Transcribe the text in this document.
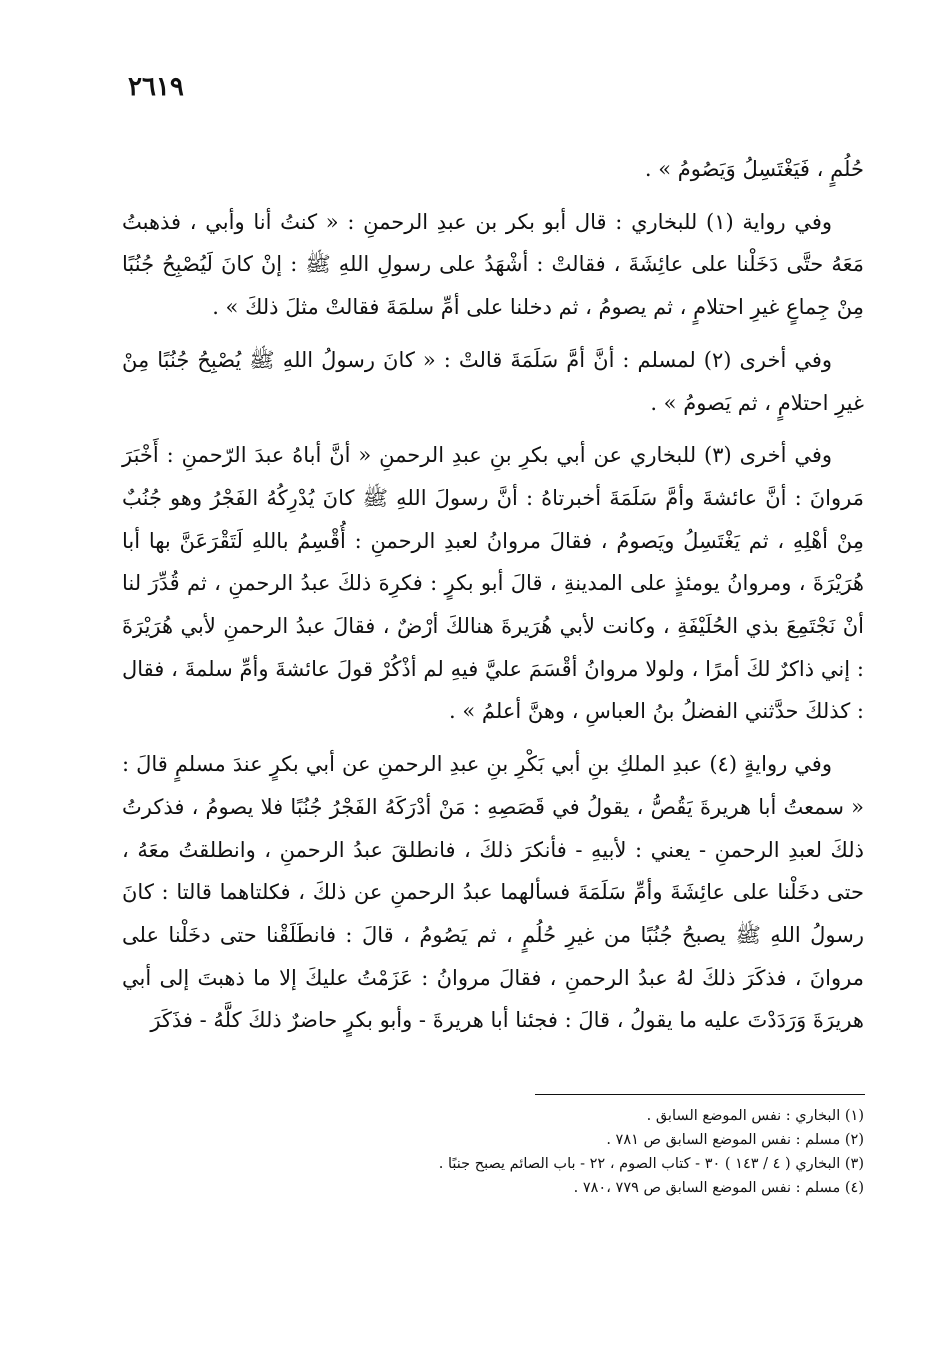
٢٦١٩

حُلُمٍ ، فَيَغْتَسِلُ وَيَصُومُ » .

وفي رواية (١) للبخاري : قال أبو بكر بن عبدِ الرحمنِ : « كنتُ أنا وأبي ، فذهبتُ مَعَهُ حتَّى دَخَلْنا على عائِشَةَ ، فقالتْ : أشْهَدُ على رسولِ اللهِ ﷺ : إنْ كانَ لَيُصْبِحُ جُنُبًا مِنْ جِماعٍ غيرِ احتلامٍ ، ثم يصومُ ، ثم دخلنا على أمِّ سلمَةَ فقالتْ مثلَ ذلكَ » .

وفي أخرى (٢) لمسلم : أنَّ أمَّ سَلَمَةَ قالتْ : « كانَ رسولُ اللهِ ﷺ يُصْبِحُ جُنُبًا مِنْ غيرِ احتلامٍ ، ثم يَصومُ » .

وفي أخرى (٣) للبخاري عن أبي بكرِ بنِ عبدِ الرحمنِ « أنَّ أباهُ عبدَ الرّحمنِ : أَخْبَرَ مَروانَ : أنَّ عائشةَ وأمَّ سَلَمَةَ أخبرتاهُ : أنَّ رسولَ اللهِ ﷺ كانَ يُدْرِكُهُ الفَجْرُ وهو جُنُبٌ مِنْ أهْلِهِ ، ثم يَغْتَسِلُ ويَصومُ ، فقالَ مروانُ لعبدِ الرحمنِ : أُقْسِمُ باللهِ لَتَقْرَعَنَّ بها أبا هُرَيْرَةَ ، ومروانُ يومئذٍ على المدينةِ ، قالَ أبو بكرٍ : فكرِهَ ذلكَ عبدُ الرحمنِ ، ثم قُدِّرَ لنا أنْ نَجْتَمِعَ بذي الحُلَيْفَةِ ، وكانت لأبي هُرَيرةَ هنالكَ أرْضٌ ، فقالَ عبدُ الرحمنِ لأبي هُرَيْرَةَ : إني ذاكرٌ لكَ أمرًا ، ولولا مروانُ أقْسَمَ عليَّ فيهِ لم أذْكُرْ قولَ عائشةَ وأمِّ سلمةَ ، فقال : كذلكَ حدَّثني الفضلُ بنُ العباسِ ، وهنَّ أعلمُ » .

وفي روايةٍ (٤) عبدِ الملكِ بنِ أبي بَكْرِ بنِ عبدِ الرحمنِ عن أبي بكرٍ عندَ مسلمٍ قالَ : « سمعتُ أبا هريرةَ يَقُصُّ ، يقولُ في قَصَصِهِ : مَنْ أدْرَكَهُ الفَجْرُ جُنُبًا فلا يصومُ ، فذكرتُ ذلكَ لعبدِ الرحمنِ - يعني : لأبيهِ - فأنكرَ ذلكَ ، فانطلقَ عبدُ الرحمنِ ، وانطلقتُ معَهُ ، حتى دخَلْنا على عائِشَةَ وأمِّ سَلَمَةَ فسألهما عبدُ الرحمنِ عن ذلكَ ، فكلتاهما قالتا : كانَ رسولُ اللهِ ﷺ يصبحُ جُنُبًا من غيرِ حُلُمٍ ، ثم يَصُومُ ، قالَ : فانطَلَقْنا حتى دخَلْنا على مروانَ ، فذكَرَ ذلكَ لهُ عبدُ الرحمنِ ، فقالَ مروانُ : عَزَمْتُ عليكَ إلا ما ذهبتَ إلى أبي هريرَةَ وَرَدَدْتَ عليه ما يقولُ ، قالَ : فجئنا أبا هريرةَ - وأبو بكرٍ حاضرٌ ذلكَ كلَّهُ - فذَكَرَ

(١) البخاري : نفس الموضع السابق .

(٢) مسلم : نفس الموضع السابق ص ٧٨١ .

(٣) البخاري ( ٤ / ١٤٣ ) ٣٠ - كتاب الصوم ، ٢٢ - باب الصائم يصبح جنبًا .

(٤) مسلم : نفس الموضع السابق ص ٧٧٩ ،٧٨٠ .
